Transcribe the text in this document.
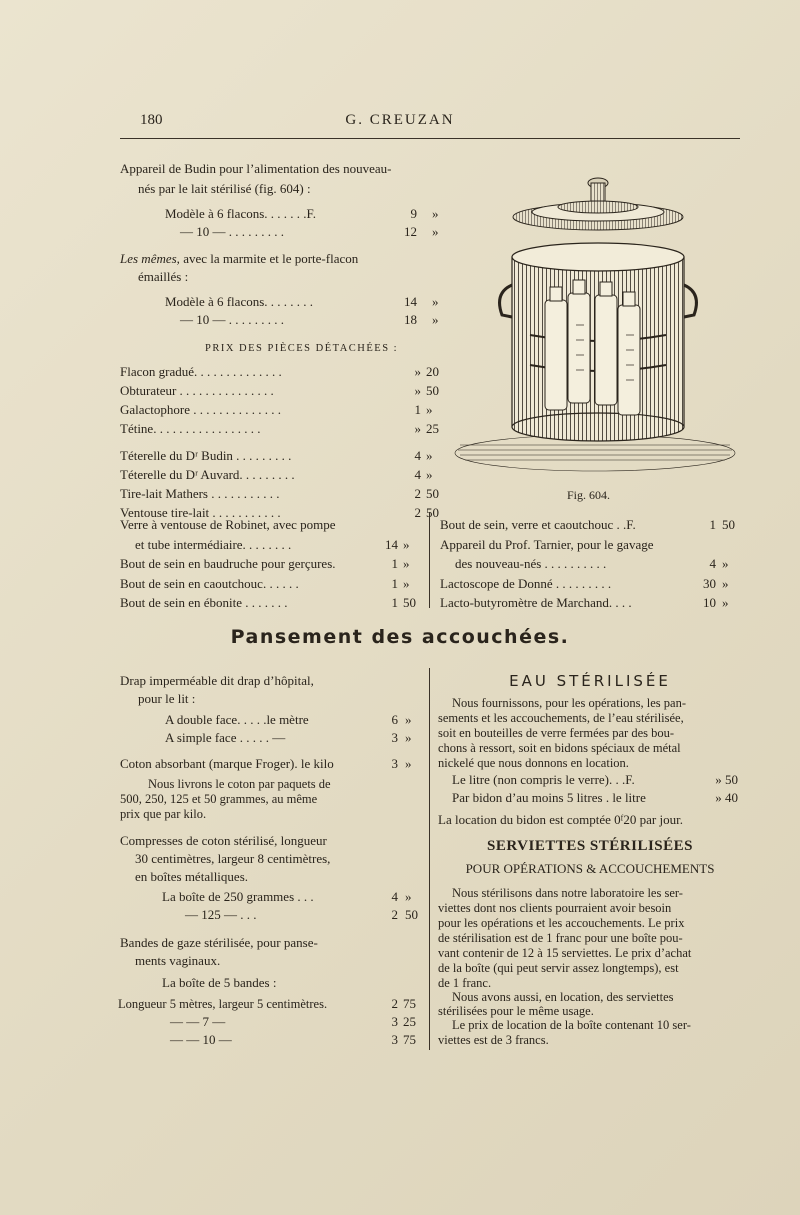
180	G. CREUZAN
Appareil de Budin pour l’alimentation des nouveau-
nés par le lait stérilisé (fig. 604) :
Modèle à 6 flacons. . . . . . .F.	9 »
— 10 — . . . . . . . . .	12 »
Les mêmes, avec la marmite et le porte-flacon
émaillés :
Modèle à 6 flacons. . . . . . . .	14 »
— 10 — . . . . . . . . .	18 »
PRIX DES PIÈCES DÉTACHÉES :
Flacon gradué. . . . . . . . . . . . . .	» 20
Obturateur . . . . . . . . . . . . . . .	» 50
Galactophore . . . . . . . . . . . . . .	1 »
Tétine. . . . . . . . . . . . . . . . .	» 25
Téterelle du Dʳ Budin . . . . . . . . .	4 »
Téterelle du Dʳ Auvard. . . . . . . . .	4 »
Tire-lait Mathers . . . . . . . . . . .	2 50
Ventouse tire-lait . . . . . . . . . . .	2 50
Fig. 604.
Verre à ventouse de Robinet, avec pompe
et tube intermédiaire. . . . . . . .	14 »
Bout de sein en baudruche pour gerçures.	1 »
Bout de sein en caoutchouc. . . . . .	1 »
Bout de sein en ébonite . . . . . . .	1 50
Bout de sein, verre et caoutchouc . .F.	1 50
Appareil du Prof. Tarnier, pour le gavage
des nouveau-nés . . . . . . . . . .	4 »
Lactoscope de Donné . . . . . . . . .	30 »
Lacto-butyromètre de Marchand. . . .	10 »
Pansement des accouchées.
Drap imperméable dit drap d’hôpital,
pour le lit :
A double face. . . . .le mètre	6 »
A simple face . . . . . —	3 »
Coton absorbant (marque Froger). le kilo	3 »
Nous livrons le coton par paquets de
500, 250, 125 et 50 grammes, au même
prix que par kilo.
Compresses de coton stérilisé, longueur
30 centimètres, largeur 8 centimètres,
en boîtes métalliques.
La boîte de 250 grammes . . .	4 »
— 125 — . . .	2 50
Bandes de gaze stérilisée, pour panse-
ments vaginaux.
La boîte de 5 bandes :
Longueur 5 mètres, largeur 5 centimètres.	2 75
— — 7 —	3 25
— — 10 —	3 75
EAU STÉRILISÉE
Nous fournissons, pour les opérations, les pan-
sements et les accouchements, de l’eau stérilisée,
soit en bouteilles de verre fermées par des bou-
chons à ressort, soit en bidons spéciaux de métal
nickelé que nous donnons en location.
Le litre (non compris le verre). . .F.	» 50
Par bidon d’au moins 5 litres . le litre	» 40
La location du bidon est comptée 0ᶠ20 par jour.
SERVIETTES STÉRILISÉES
POUR OPÉRATIONS & ACCOUCHEMENTS
Nous stérilisons dans notre laboratoire les ser-
viettes dont nos clients pourraient avoir besoin
pour les opérations et les accouchements. Le prix
de stérilisation est de 1 franc pour une boîte pou-
vant contenir de 12 à 15 serviettes. Le prix d’achat
de la boîte (qui peut servir assez longtemps), est
de 1 franc.
Nous avons aussi, en location, des serviettes
stérilisées pour le même usage.
Le prix de location de la boîte contenant 10 ser-
viettes est de 3 francs.
